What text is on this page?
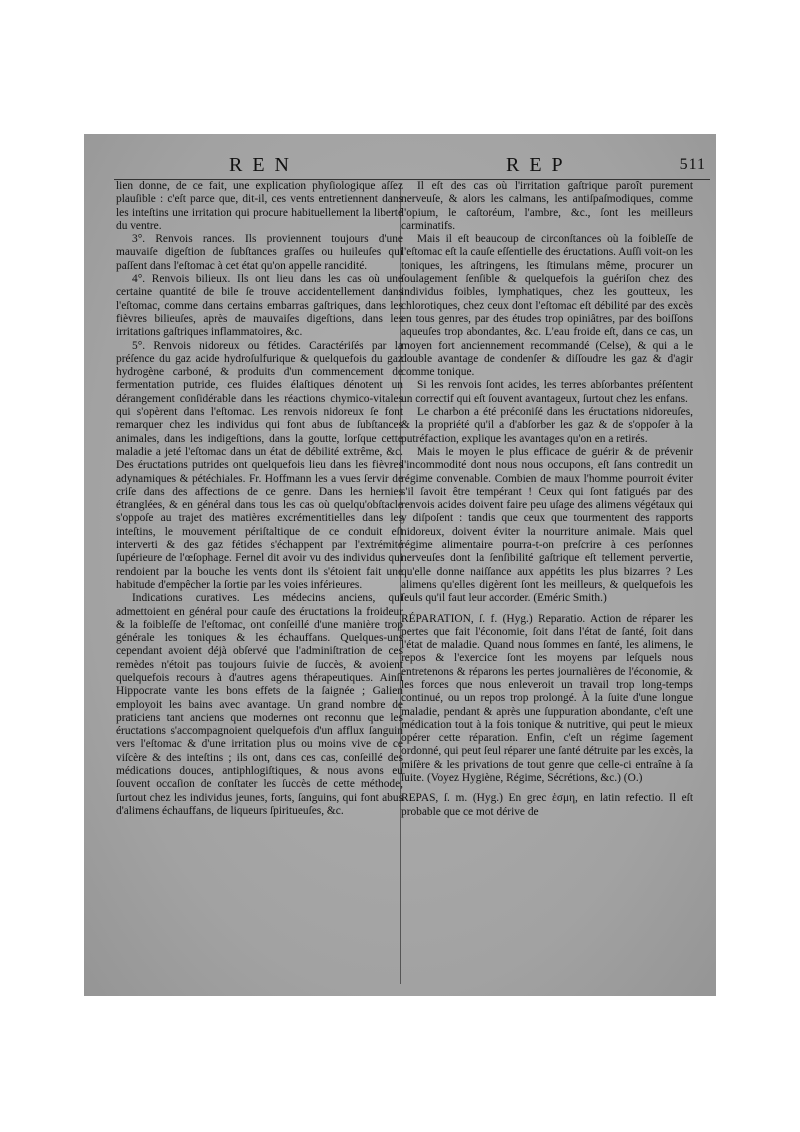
REN	REP	511

lien donne, de ce fait, une explication phyſiologique aſſez plauſible : c'eſt parce que, dit-il, ces vents entretiennent dans les inteſtins une irritation qui procure habituellement la liberté du ventre.

3°. Renvois rances. Ils proviennent toujours d'une mauvaiſe digeſtion de ſubſtances graſſes ou huileuſes qui paſſent dans l'eſtomac à cet état qu'on appelle rancidité.

4°. Renvois bilieux. Ils ont lieu dans les cas où une certaine quantité de bile ſe trouve accidentellement dans l'eſtomac, comme dans certains embarras gaſtriques, dans les fièvres bilieuſes, après de mauvaiſes digeſtions, dans les irritations gaſtriques inflammatoires, &c.

5°. Renvois nidoreux ou fétides. Caractériſés par la préſence du gaz acide hydroſulfurique & quelquefois du gaz hydrogène carboné, & produits d'un commencement de fermentation putride, ces fluides élaſtiques dénotent un dérangement conſidérable dans les réactions chymico-vitales qui s'opèrent dans l'eſtomac. Les renvois nidoreux ſe font remarquer chez les individus qui font abus de ſubſtances animales, dans les indigeſtions, dans la goutte, lorſque cette maladie a jeté l'eſtomac dans un état de débilité extrême, &c. Des éructations putrides ont quelquefois lieu dans les fièvres adynamiques & pétéchiales. Fr. Hoffmann les a vues ſervir de criſe dans des affections de ce genre. Dans les hernies étranglées, & en général dans tous les cas où quelqu'obſtacle s'oppoſe au trajet des matières excrémentitielles dans les inteſtins, le mouvement périſtaltique de ce conduit eſt interverti & des gaz fétides s'échappent par l'extrémité ſupérieure de l'œſophage. Fernel dit avoir vu des individus qui rendoient par la bouche les vents dont ils s'étoient fait une habitude d'empêcher la ſortie par les voies inférieures.

Indications curatives. Les médecins anciens, qui admettoient en général pour cauſe des éructations la froideur & la foibleſſe de l'eſtomac, ont conſeillé d'une manière trop générale les toniques & les échauffans. Quelques-uns cependant avoient déjà obſervé que l'adminiſtration de ces remèdes n'étoit pas toujours ſuivie de ſuccès, & avoient quelquefois recours à d'autres agens thérapeutiques. Ainſi Hippocrate vante les bons effets de la ſaignée ; Galien employoit les bains avec avantage. Un grand nombre de praticiens tant anciens que modernes ont reconnu que les éructations s'accompagnoient quelquefois d'un afflux ſanguin vers l'eſtomac & d'une irritation plus ou moins vive de ce viſcère & des inteſtins ; ils ont, dans ces cas, conſeillé des médications douces, antiphlogiſtiques, & nous avons eu ſouvent occaſion de conſtater les ſuccès de cette méthode, ſurtout chez les individus jeunes, forts, ſanguins, qui font abus d'alimens échauffans, de liqueurs ſpiritueuſes, &c.

Il eſt des cas où l'irritation gaſtrique paroît purement nerveuſe, & alors les calmans, les antiſpaſmodiques, comme l'opium, le caſtoréum, l'ambre, &c., ſont les meilleurs carminatifs.

Mais il eſt beaucoup de circonſtances où la foibleſſe de l'eſtomac eſt la cauſe eſſentielle des éructations. Auſſi voit-on les toniques, les aſtringens, les ſtimulans même, procurer un ſoulagement ſenſible & quelquefois la guériſon chez des individus foibles, lymphatiques, chez les goutteux, les chlorotiques, chez ceux dont l'eſtomac eſt débilité par des excès en tous genres, par des études trop opiniâtres, par des boiſſons aqueuſes trop abondantes, &c. L'eau froide eſt, dans ce cas, un moyen fort anciennement recommandé (Celse), & qui a le double avantage de condenſer & diſſoudre les gaz & d'agir comme tonique.

Si les renvois ſont acides, les terres abſorbantes préſentent un correctif qui eſt ſouvent avantageux, ſurtout chez les enfans.

Le charbon a été préconiſé dans les éructations nidoreuſes, & la propriété qu'il a d'abſorber les gaz & de s'oppoſer à la putréfaction, explique les avantages qu'on en a retirés.

Mais le moyen le plus efficace de guérir & de prévenir l'incommodité dont nous nous occupons, eſt ſans contredit un régime convenable. Combien de maux l'homme pourroit éviter s'il ſavoit être tempérant ! Ceux qui ſont fatigués par des renvois acides doivent faire peu uſage des alimens végétaux qui y diſpoſent : tandis que ceux que tourmentent des rapports nidoreux, doivent éviter la nourriture animale. Mais quel régime alimentaire pourra-t-on preſcrire à ces perſonnes nerveuſes dont la ſenſibilité gaſtrique eſt tellement pervertie, qu'elle donne naiſſance aux appétits les plus bizarres ? Les alimens qu'elles digèrent ſont les meilleurs, & quelquefois les ſeuls qu'il faut leur accorder. (Eméric Smith.)

RÉPARATION, ſ. f. (Hyg.) Reparatio. Action de réparer les pertes que fait l'économie, ſoit dans l'état de ſanté, ſoit dans l'état de maladie. Quand nous ſommes en ſanté, les alimens, le repos & l'exercice ſont les moyens par leſquels nous entretenons & réparons les pertes journalières de l'économie, & les forces que nous enleveroit un travail trop long-temps continué, ou un repos trop prolongé. À la ſuite d'une longue maladie, pendant & après une ſuppuration abondante, c'eſt une médication tout à la fois tonique & nutritive, qui peut le mieux opérer cette réparation. Enfin, c'eſt un régime ſagement ordonné, qui peut ſeul réparer une ſanté détruite par les excès, la miſère & les privations de tout genre que celle-ci entraîne à ſa ſuite. (Voyez Hygiène, Régime, Sécrétions, &c.) (O.)

REPAS, ſ. m. (Hyg.) En grec ἑσμη, en latin refectio. Il eſt probable que ce mot dérive de
